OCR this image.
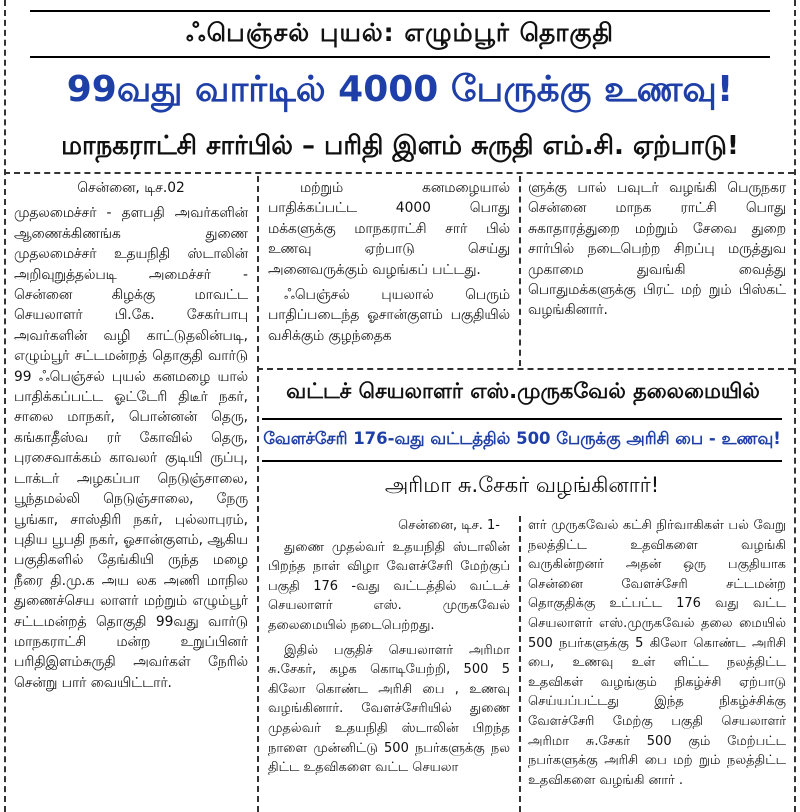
ஃபெஞ்சல் புயல்: எழும்பூர் தொகுதி
99வது வார்டில் 4000 பேருக்கு உணவு!
மாநகராட்சி சார்பில் – பரிதி இளம் சுருதி எம்.சி. ஏற்பாடு!

சென்னை, டிச.02

முதலமைச்சர் - தளபதி அவர்களின் ஆணைக்கிணங்க துணை முதலமைச்சர் உதயநிதி ஸ்டாலின் அறிவுறுத்தல்படி அமைச்சர் - சென்னை கிழக்கு மாவட்ட செயலாளர் பி.கே. சேகர்பாபு அவர்களின் வழி காட்டுதலின்படி, எழும்பூர் சட்டமன்றத் தொகுதி வார்டு 99 ஃபெஞ்சல் புயல் கனமழை யால் பாதிக்கப்பட்ட ஓட்டேரி திடீர் நகர், சாலை மாநகர், பொன்னன் தெரு, கங்காதீஸ்வ ரர் கோவில் தெரு, புரசைவாக்கம் காவலர் குடியி ருப்பு, டாக்டர் அழகப்பா நெடுஞ்சாலை, பூந்தமல்லி நெடுஞ்சாலை, நேரு பூங்கா, சாஸ்திரி நகர், புல்லாபுரம், புதிய பூபதி நகர், ஓசான்குளம், ஆகிய பகுதிகளில் தேங்கியி ருந்த மழை நீரை தி.மு.க அய லக அணி மாநில துணைச்செய லாளர் மற்றும் எழும்பூர் சட்டமன்றத் தொகுதி 99வது வார்டு மாநகராட்சி மன்ற உறுப்பினர் பரிதிஇளம்சுருதி அவர்கள் நேரில் சென்று பார் வையிட்டார்.

மற்றும் கனமழையால் பாதிக்கப்பட்ட 4000 பொது மக்களுக்கு மாநகராட்சி சார் பில் உணவு ஏற்பாடு செய்து அனைவருக்கும் வழங்கப் பட்டது.

ஃபெஞ்சல் புயலால் பெரும் பாதிப்படைந்த ஓசான்குளம் பகுதியில் வசிக்கும் குழந்தைக

ளுக்கு பால் பவுடர் வழங்கி பெருநகர சென்னை மாநக ராட்சி பொது சுகாதாரத்துறை மற்றும் சேவை துறை சார்பில் நடைபெற்ற சிறப்பு மருத்துவ முகாமை துவங்கி வைத்து பொதுமக்களுக்கு பிரட் மற் றும் பிஸ்கட் வழங்கினார்.

வட்டச் செயலாளர் எஸ்.முருகவேல் தலைமையில்
வேளச்சேரி 176-வது வட்டத்தில் 500 பேருக்கு அரிசி பை - உணவு!
அரிமா சு.சேகர் வழங்கினார்!

சென்னை, டிச. 1-

துணை முதல்வர் உதயநிதி ஸ்டாலின் பிறந்த நாள் விழா வேளச்சேரி மேற்குப் பகுதி 176 -வது வட்டத்தில் வட்டச் செயலாளர் எஸ். முருகவேல் தலைமையில் நடைபெற்றது.

இதில் பகுதிச் செயலாளர் அரிமா சு.சேகர், கழக கொடியேற்றி, 500 5 கிலோ கொண்ட அரிசி பை , உணவு வழங்கினார். வேளச்சேரியில் துணை முதல்வர் உதயநிதி ஸ்டாலின் பிறந்த நாளை முன்னிட்டு 500 நபர்களுக்கு நல திட்ட உதவிகளை வட்ட செயலா

ளர் முருகவேல் கட்சி நிர்வாகிகள் பல் வேறு நலத்திட்ட உதவிகளை வழங்கி வருகின்றனர் அதன் ஒரு பகுதியாக சென்னை வேளச்சேரி சட்டமன்ற தொகுதிக்கு உட்பட்ட 176 வது வட்ட செயலாளர் எஸ்.முருகவேல் தலை மையில் 500 நபர்களுக்கு 5 கிலோ கொண்ட அரிசி பை, உணவு உள் ளிட்ட நலத்திட்ட உதவிகள் வழங்கும் நிகழ்ச்சி ஏற்பாடு செய்யப்பட்டது இந்த நிகழ்ச்சிக்கு வேளச்சேரி மேற்கு பகுதி செயலாளர் அரிமா சு.சேகர் 500 கும் மேற்பட்ட நபர்களுக்கு அரிசி பை மற் றும் நலத்திட்ட உதவிகளை வழங்கி னார் .
